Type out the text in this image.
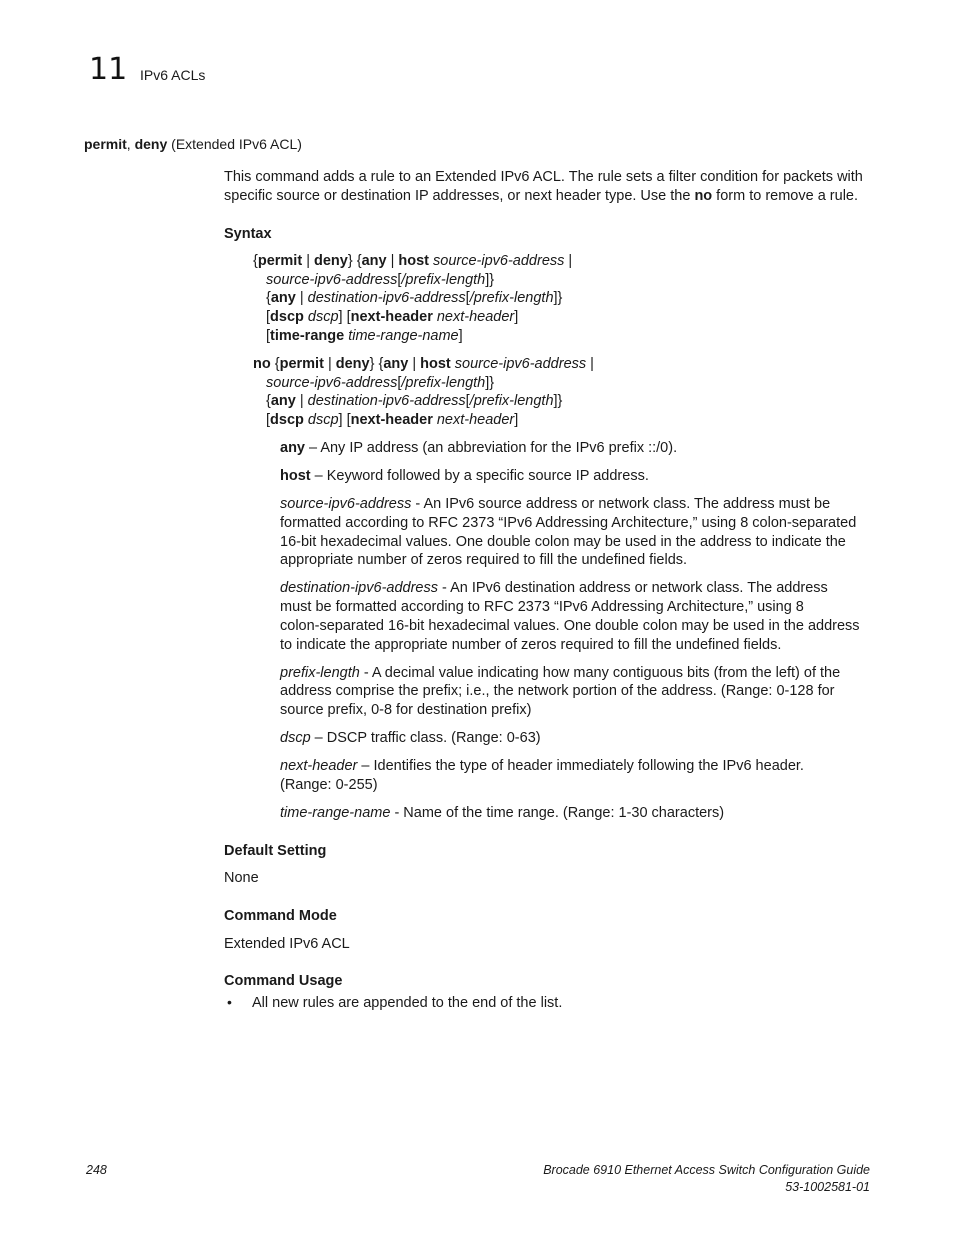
11 IPv6 ACLs
permit, deny (Extended IPv6 ACL)
This command adds a rule to an Extended IPv6 ACL. The rule sets a filter condition for packets with
specific source or destination IP addresses, or next header type. Use the no form to remove a rule.
Syntax
{permit | deny} {any | host source-ipv6-address |
source-ipv6-address[/prefix-length]}
{any | destination-ipv6-address[/prefix-length]}
[dscp dscp] [next-header next-header]
[time-range time-range-name]
no {permit | deny} {any | host source-ipv6-address |
source-ipv6-address[/prefix-length]}
{any | destination-ipv6-address[/prefix-length]}
[dscp dscp] [next-header next-header]
any – Any IP address (an abbreviation for the IPv6 prefix ::/0).
host – Keyword followed by a specific source IP address.
source-ipv6-address - An IPv6 source address or network class. The address must be
formatted according to RFC 2373 “IPv6 Addressing Architecture,” using 8 colon-separated
16-bit hexadecimal values. One double colon may be used in the address to indicate the
appropriate number of zeros required to fill the undefined fields.
destination-ipv6-address - An IPv6 destination address or network class. The address
must be formatted according to RFC 2373 “IPv6 Addressing Architecture,” using 8
colon-separated 16-bit hexadecimal values. One double colon may be used in the address
to indicate the appropriate number of zeros required to fill the undefined fields.
prefix-length - A decimal value indicating how many contiguous bits (from the left) of the
address comprise the prefix; i.e., the network portion of the address. (Range: 0-128 for
source prefix, 0-8 for destination prefix)
dscp – DSCP traffic class. (Range: 0-63)
next-header – Identifies the type of header immediately following the IPv6 header.
(Range: 0-255)
time-range-name - Name of the time range. (Range: 1-30 characters)
Default Setting
None
Command Mode
Extended IPv6 ACL
Command Usage
• All new rules are appended to the end of the list.
248	Brocade 6910 Ethernet Access Switch Configuration Guide
53-1002581-01
